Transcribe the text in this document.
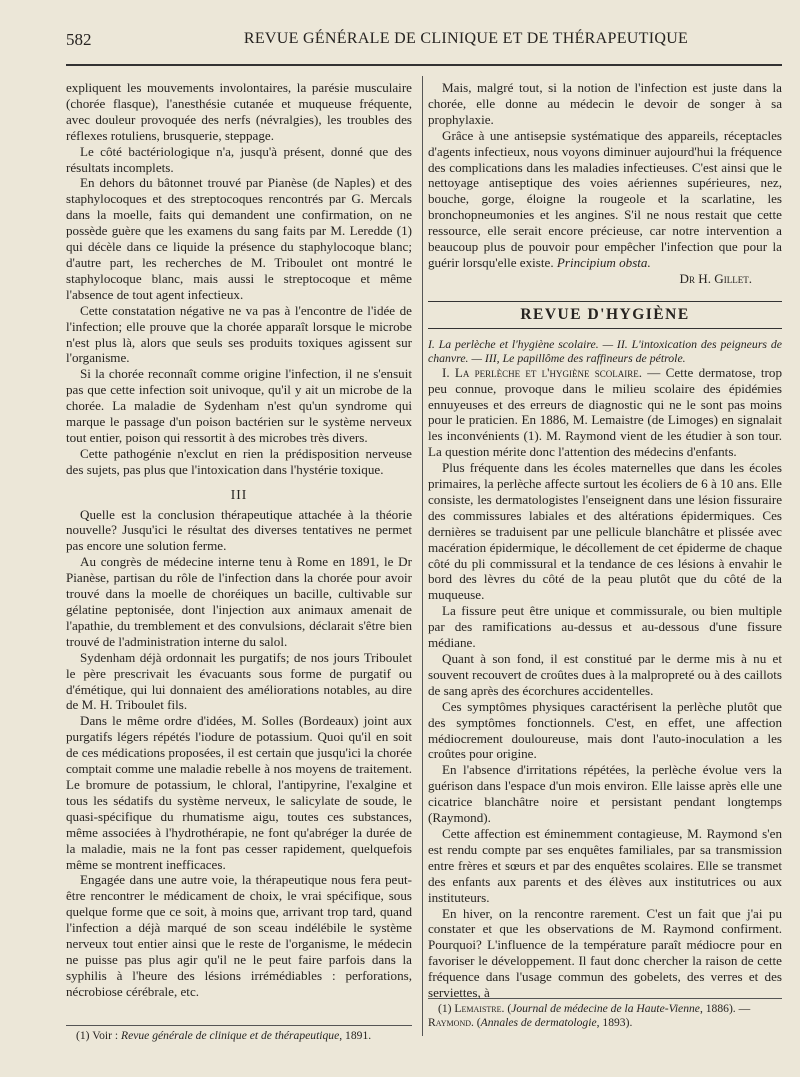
582	REVUE GÉNÉRALE DE CLINIQUE ET DE THÉRAPEUTIQUE

expliquent les mouvements involontaires, la parésie musculaire (chorée flasque), l'anesthésie cutanée et muqueuse fréquente, avec douleur provoquée des nerfs (névralgies), les troubles des réflexes rotuliens, brusquerie, steppage.

Le côté bactériologique n'a, jusqu'à présent, donné que des résultats incomplets.

En dehors du bâtonnet trouvé par Pianèse (de Naples) et des staphylocoques et des streptocoques rencontrés par G. Mercals dans la moelle, faits qui demandent une confirmation, on ne possède guère que les examens du sang faits par M. Leredde (1) qui décèle dans ce liquide la présence du staphylocoque blanc; d'autre part, les recherches de M. Triboulet ont montré le staphylocoque blanc, mais aussi le streptocoque et même l'absence de tout agent infectieux.

Cette constatation négative ne va pas à l'encontre de l'idée de l'infection; elle prouve que la chorée apparaît lorsque le microbe n'est plus là, alors que seuls ses produits toxiques agissent sur l'organisme.

Si la chorée reconnaît comme origine l'infection, il ne s'ensuit pas que cette infection soit univoque, qu'il y ait un microbe de la chorée. La maladie de Sydenham n'est qu'un syndrome qui marque le passage d'un poison bactérien sur le système nerveux tout entier, poison qui ressortit à des microbes très divers.

Cette pathogénie n'exclut en rien la prédisposition nerveuse des sujets, pas plus que l'intoxication dans l'hystérie toxique.

III

Quelle est la conclusion thérapeutique attachée à la théorie nouvelle? Jusqu'ici le résultat des diverses tentatives ne permet pas encore une solution ferme.

Au congrès de médecine interne tenu à Rome en 1891, le Dr Pianèse, partisan du rôle de l'infection dans la chorée pour avoir trouvé dans la moelle de choréiques un bacille, cultivable sur gélatine peptonisée, dont l'injection aux animaux amenait de l'apathie, du tremblement et des convulsions, déclarait s'être bien trouvé de l'administration interne du salol.

Sydenham déjà ordonnait les purgatifs; de nos jours Triboulet le père prescrivait les évacuants sous forme de purgatif ou d'émétique, qui lui donnaient des améliorations notables, au dire de M. H. Triboulet fils.

Dans le même ordre d'idées, M. Solles (Bordeaux) joint aux purgatifs légers répétés l'iodure de potassium. Quoi qu'il en soit de ces médications proposées, il est certain que jusqu'ici la chorée comptait comme une maladie rebelle à nos moyens de traitement. Le bromure de potassium, le chloral, l'antipyrine, l'exalgine et tous les sédatifs du système nerveux, le salicylate de soude, le quasi-spécifique du rhumatisme aigu, toutes ces substances, même associées à l'hydrothérapie, ne font qu'abréger la durée de la maladie, mais ne la font pas cesser rapidement, quelquefois même se montrent inefficaces.

Engagée dans une autre voie, la thérapeutique nous fera peut-être rencontrer le médicament de choix, le vrai spécifique, sous quelque forme que ce soit, à moins que, arrivant trop tard, quand l'infection a déjà marqué de son sceau indélébile le système nerveux tout entier ainsi que le reste de l'organisme, le médecin ne puisse pas plus agir qu'il ne le peut faire parfois dans la syphilis à l'heure des lésions irrémédiables : perforations, nécrobiose cérébrale, etc.

(1) Voir : Revue générale de clinique et de thérapeutique, 1891.

Mais, malgré tout, si la notion de l'infection est juste dans la chorée, elle donne au médecin le devoir de songer à sa prophylaxie.

Grâce à une antisepsie systématique des appareils, réceptacles d'agents infectieux, nous voyons diminuer aujourd'hui la fréquence des complications dans les maladies infectieuses. C'est ainsi que le nettoyage antiseptique des voies aériennes supérieures, nez, bouche, gorge, éloigne la rougeole et la scarlatine, les bronchopneumonies et les angines. S'il ne nous restait que cette ressource, elle serait encore précieuse, car notre intervention a beaucoup plus de pouvoir pour empêcher l'infection que pour la guérir lorsqu'elle existe. Principium obsta.

Dr H. Gillet.
REVUE D'HYGIÈNE

I. La perlèche et l'hygiène scolaire. — II. L'intoxication des peigneurs de chanvre. — III, Le papillôme des raffineurs de pétrole.

I. La perlèche et l'hygiène scolaire. — Cette dermatose, trop peu connue, provoque dans le milieu scolaire des épidémies ennuyeuses et des erreurs de diagnostic qui ne le sont pas moins pour le praticien. En 1886, M. Lemaistre (de Limoges) en signalait les inconvénients (1). M. Raymond vient de les étudier à son tour. La question mérite donc l'attention des médecins d'enfants.

Plus fréquente dans les écoles maternelles que dans les écoles primaires, la perlèche affecte surtout les écoliers de 6 à 10 ans. Elle consiste, les dermatologistes l'enseignent dans une lésion fissuraire des commissures labiales et des altérations épidermiques. Ces dernières se traduisent par une pellicule blanchâtre et plissée avec macération épidermique, le décollement de cet épiderme de chaque côté du pli commissural et la tendance de ces lésions à envahir le bord des lèvres du côté de la peau plutôt que du côté de la muqueuse.

La fissure peut être unique et commissurale, ou bien multiple par des ramifications au-dessus et au-dessous d'une fissure médiane.

Quant à son fond, il est constitué par le derme mis à nu et souvent recouvert de croûtes dues à la malpropreté ou à des caillots de sang après des écorchures accidentelles.

Ces symptômes physiques caractérisent la perlèche plutôt que des symptômes fonctionnels. C'est, en effet, une affection médiocrement douloureuse, mais dont l'auto-inoculation a les croûtes pour origine.

En l'absence d'irritations répétées, la perlèche évolue vers la guérison dans l'espace d'un mois environ. Elle laisse après elle une cicatrice blanchâtre noire et persistant pendant longtemps (Raymond).

Cette affection est éminemment contagieuse, M. Raymond s'en est rendu compte par ses enquêtes familiales, par sa transmission entre frères et sœurs et par des enquêtes scolaires. Elle se transmet des enfants aux parents et des élèves aux institutrices ou aux instituteurs.

En hiver, on la rencontre rarement. C'est un fait que j'ai pu constater et que les observations de M. Raymond confirment. Pourquoi? L'influence de la température paraît médiocre pour en favoriser le développement. Il faut donc chercher la raison de cette fréquence dans l'usage commun des gobelets, des verres et des serviettes, à

(1) Lemaistre. (Journal de médecine de la Haute-Vienne, 1886). — Raymond. (Annales de dermatologie, 1893).
